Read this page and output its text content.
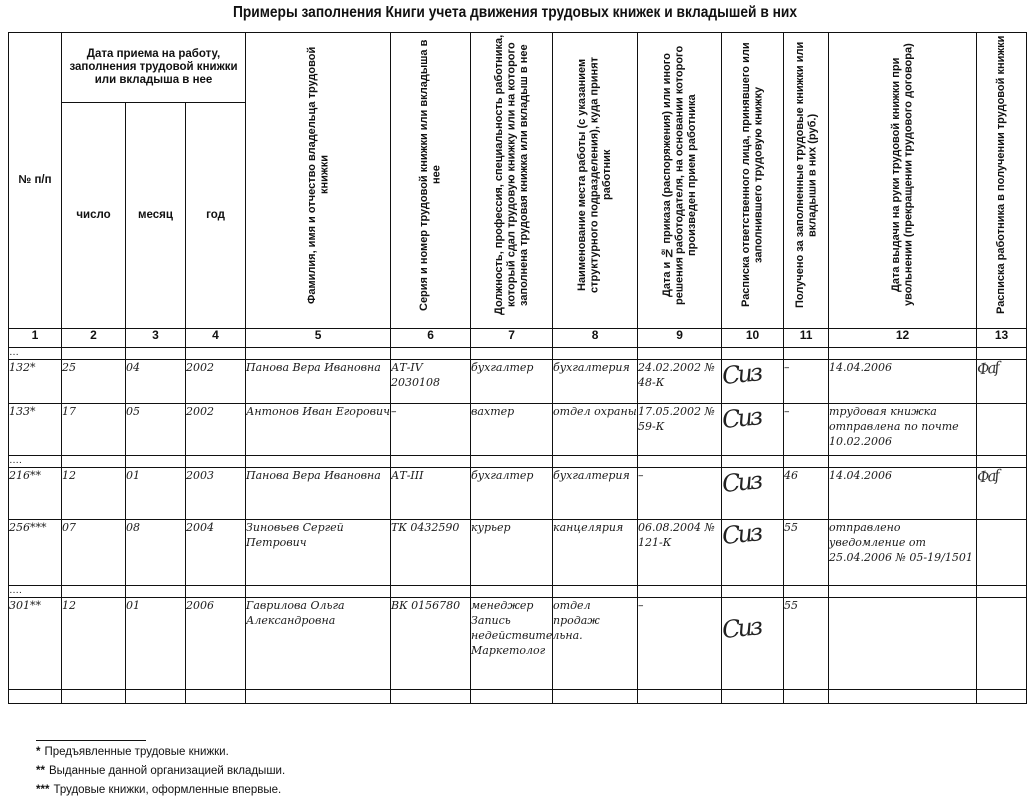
Примеры заполнения Книги учета движения трудовых книжек и вкладышей в них
№ п/п	Дата приема на работу, заполнения трудовой книжки или вкладыша в нее			Фамилия, имя и отчество владельца трудовой книжки	Серия и номер трудовой книжки или вкладыша в нее	Должность, профессия, специальность работника, который сдал трудовую книжку или на которого заполнена трудовая книжка или вкладыш в нее	Наименование места работы (с указанием структурного подразделения), куда принят работник	Дата и № приказа (распоряжения) или иного решения работодателя, на основании которого произведен прием работника	Расписка ответственного лица, принявшего или заполнившего трудовую книжку	Получено за заполненные трудовые книжки или вкладыши в них (руб.)	Дата выдачи на руки трудовой книжки при увольнении (прекращении трудового договора)	Расписка работника в получении трудовой книжки

	число	месяц	год									
1	2	3	4	5	6	7	8	9	10	11	12	13
…												
132*	25	04	2002	Панова Вера Ивановна	АТ-IV 2030108	бухгалтер	бухгалтерия	24.02.2002 № 48-К	Сиз	–	14.04.2006	Фаf

133*	17	05	2002	Антонов Иван Егорович	–	вахтер	отдел охраны	17.05.2002 № 59-К	Сиз	–	трудовая книжка отправлена по почте 10.02.2006	
….												
216**	12	01	2003	Панова Вера Ивановна	АТ-III	бухгалтер	бухгалтерия	–	Сиз	46	14.04.2006	Фаf

256***	07	08	2004	Зиновьев Сергей Петрович	ТК 0432590	курьер	канцелярия	06.08.2004 № 121-К	Сиз	55	отправлено уведомление от 25.04.2006 № 05-19/1501	
….												
301**	12	01	2006	Гаврилова Ольга Александровна	ВК 0156780	менеджер Запись недействительна. Маркетолог	отдел продаж	–	Сиз	55		

* Предъявленные трудовые книжки.
** Выданные данной организацией вкладыши.
*** Трудовые книжки, оформленные впервые.
